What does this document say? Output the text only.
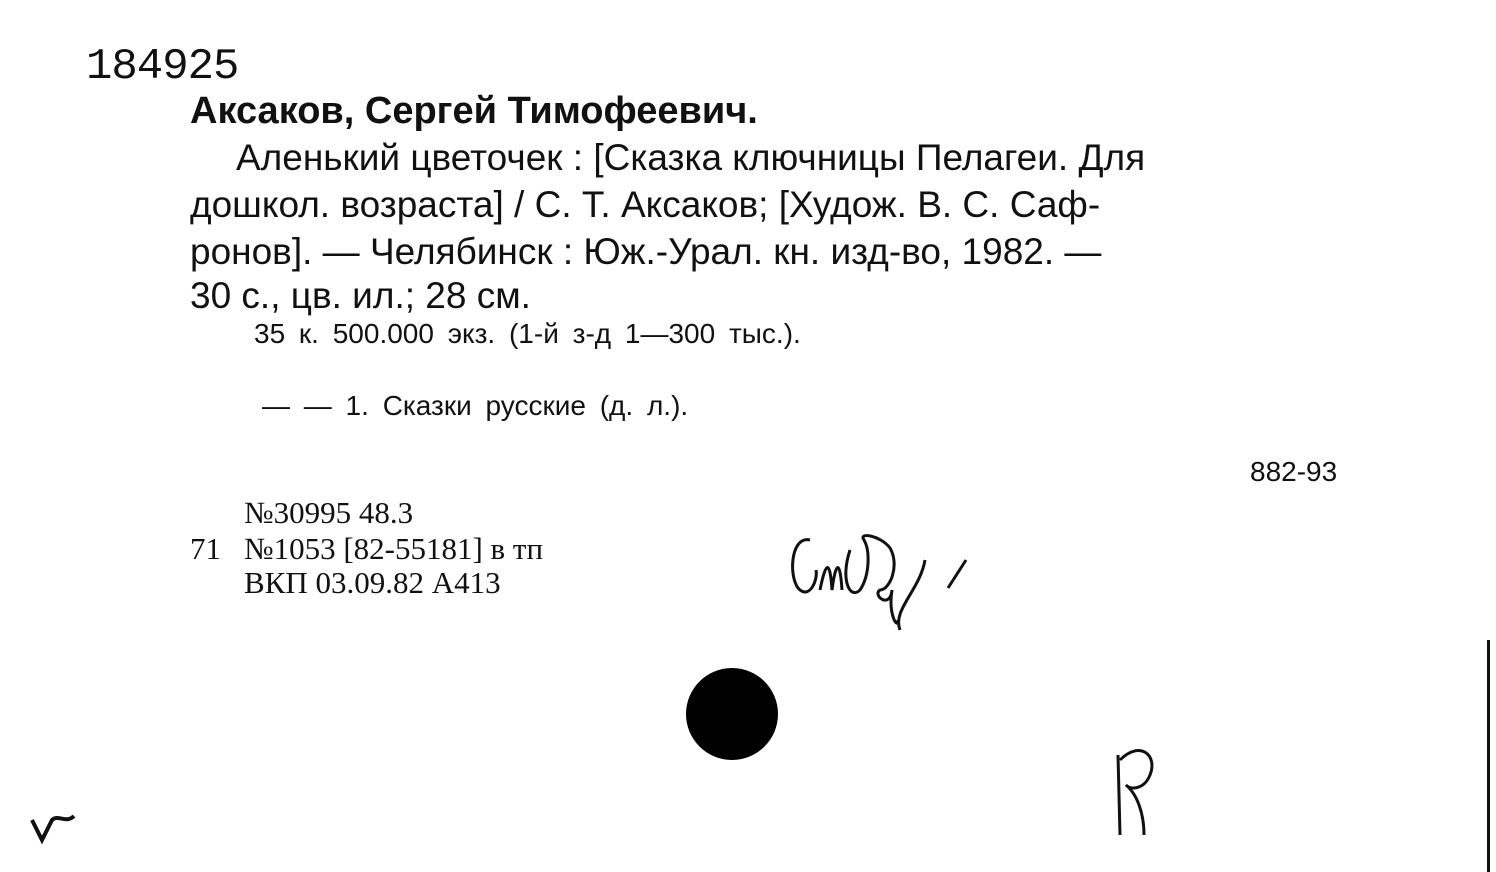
184925
Аксаков, Сергей Тимофеевич.
Аленький цветочек : [Сказка ключницы Пелагеи. Для
дошкол. возраста] / С. Т. Аксаков; [Худож. В. С. Саф-
ронов]. — Челябинск : Юж.-Урал. кн. изд-во, 1982. —
30 с., цв. ил.; 28 см.
35 к. 500.000 экз. (1-й з-д 1—300 тыс.).
— — 1. Сказки русские (д. л.).
882-93
№30995 48.3
71 №1053 [82-55181] в тп
ВКП 03.09.82 А413
